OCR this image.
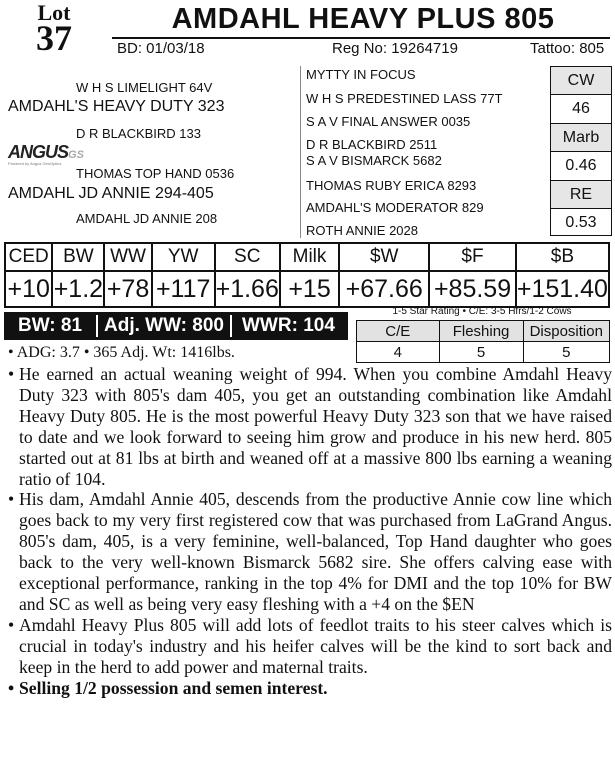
Lot
37	AMDAHL HEAVY PLUS 805
BD: 01/03/18	Reg No: 19264719	Tattoo: 805
W H S LIMELIGHT 64V
AMDAHL'S HEAVY DUTY 323
D R BLACKBIRD 133
ANGUSGS
Powered by Angus GenOptics
THOMAS TOP HAND 0536
AMDAHL JD ANNIE 294-405
AMDAHL JD ANNIE 208
MYTTY IN FOCUS
W H S PREDESTINED LASS 77T
S A V FINAL ANSWER 0035
D R BLACKBIRD 2511
S A V BISMARCK 5682
THOMAS RUBY ERICA 8293
AMDAHL'S MODERATOR 829
ROTH ANNIE 2028
CW
46
Marb
0.46
RE
0.53
CED	BW	WW	YW	SC	Milk	$W	$F	$B
+10	+1.2	+78	+117	+1.66	+15	+67.66	+85.59	+151.40
BW: 81 Adj. WW: 800 WWR: 104
1-5 Star Rating • C/E: 3-5 Hfrs/1-2 Cows
C/E	Fleshing	Disposition
4	5	5
• ADG: 3.7 • 365 Adj. Wt: 1416lbs.

• He earned an actual weaning weight of 994. When you combine Amdahl Heavy Duty 323 with 805's dam 405, you get an outstanding combination like Amdahl Heavy Duty 805. He is the most powerful Heavy Duty 323 son that we have raised to date and we look forward to seeing him grow and produce in his new herd. 805 started out at 81 lbs at birth and weaned off at a massive 800 lbs earning a weaning ratio of 104.

• His dam, Amdahl Annie 405, descends from the productive Annie cow line which goes back to my very first registered cow that was purchased from LaGrand Angus. 805's dam, 405, is a very feminine, well-balanced, Top Hand daughter who goes back to the very well-known Bismarck 5682 sire. She offers calving ease with exceptional performance, ranking in the top 4% for DMI and the top 10% for BW and SC as well as being very easy fleshing with a +4 on the $EN

• Amdahl Heavy Plus 805 will add lots of feedlot traits to his steer calves which is crucial in today's industry and his heifer calves will be the kind to sort back and keep in the herd to add power and maternal traits.

• Selling 1/2 possession and semen interest.
